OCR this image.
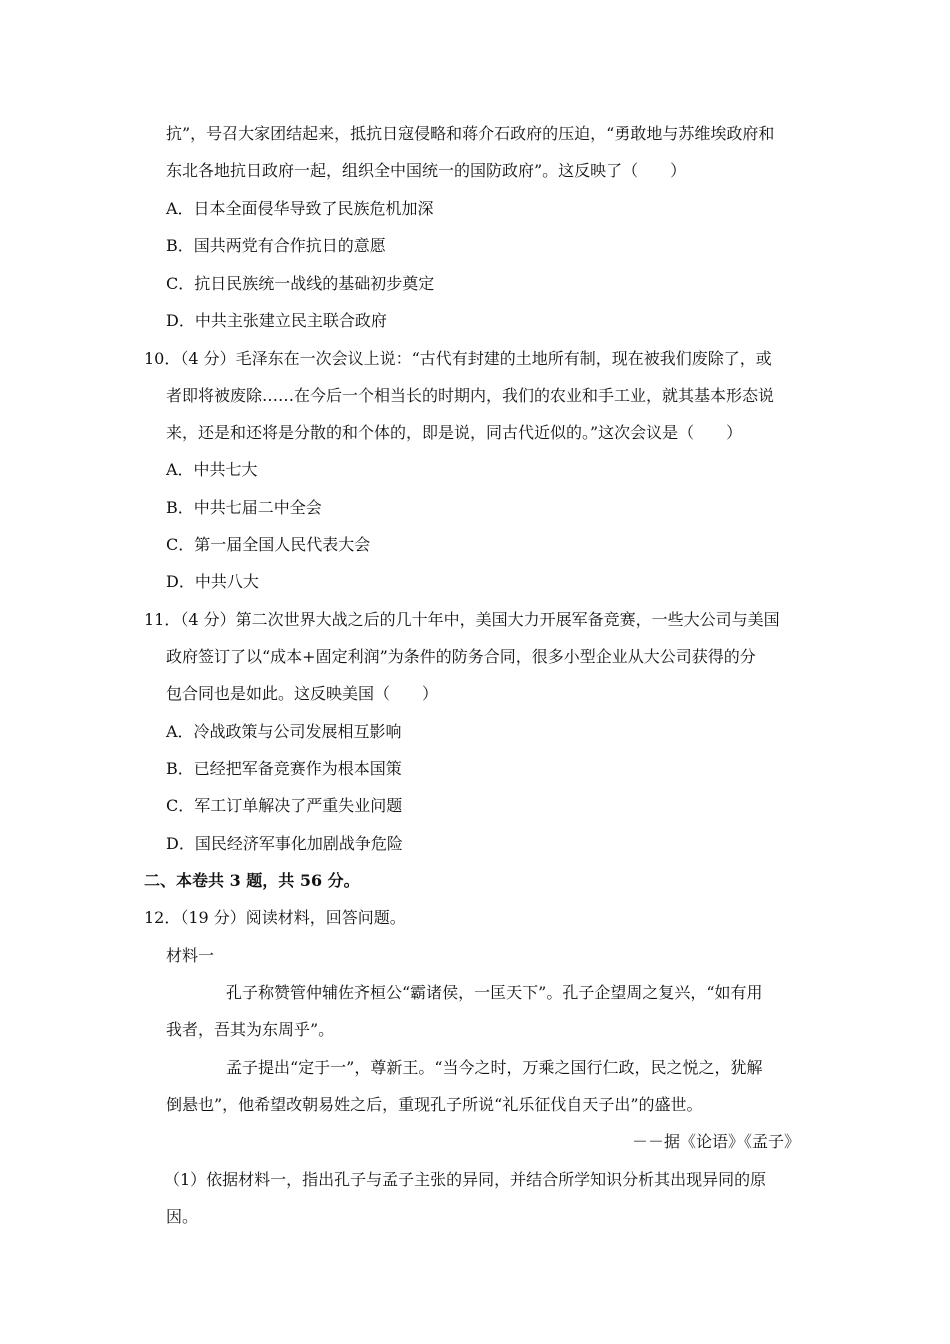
抗”，号召大家团结起来，抵抗日寇侵略和蒋介石政府的压迫，“勇敢地与苏维埃政府和
东北各地抗日政府一起，组织全中国统一的国防政府”。这反映了（　　）
A．日本全面侵华导致了民族危机加深
B．国共两党有合作抗日的意愿
C．抗日民族统一战线的基础初步奠定
D．中共主张建立民主联合政府
10．（4 分）毛泽东在一次会议上说：“古代有封建的土地所有制，现在被我们废除了，或
者即将被废除……在今后一个相当长的时期内，我们的农业和手工业，就其基本形态说
来，还是和还将是分散的和个体的，即是说，同古代近似的。”这次会议是（　　）
A．中共七大
B．中共七届二中全会
C．第一届全国人民代表大会
D．中共八大
11．（4 分）第二次世界大战之后的几十年中，美国大力开展军备竞赛，一些大公司与美国
政府签订了以“成本+固定利润”为条件的防务合同，很多小型企业从大公司获得的分
包合同也是如此。这反映美国（　　）
A．冷战政策与公司发展相互影响
B．已经把军备竞赛作为根本国策
C．军工订单解决了严重失业问题
D．国民经济军事化加剧战争危险
二、本卷共 3 题，共 56 分。
12．（19 分）阅读材料，回答问题。
材料一
孔子称赞管仲辅佐齐桓公“霸诸侯，一匡天下”。孔子企望周之复兴，“如有用
我者，吾其为东周乎”。
孟子提出“定于一”，尊新王。“当今之时，万乘之国行仁政，民之悦之，犹解
倒悬也”，他希望改朝易姓之后，重现孔子所说“礼乐征伐自天子出”的盛世。
－－据《论语》《孟子》
（1）依据材料一，指出孔子与孟子主张的异同，并结合所学知识分析其出现异同的原
因。
